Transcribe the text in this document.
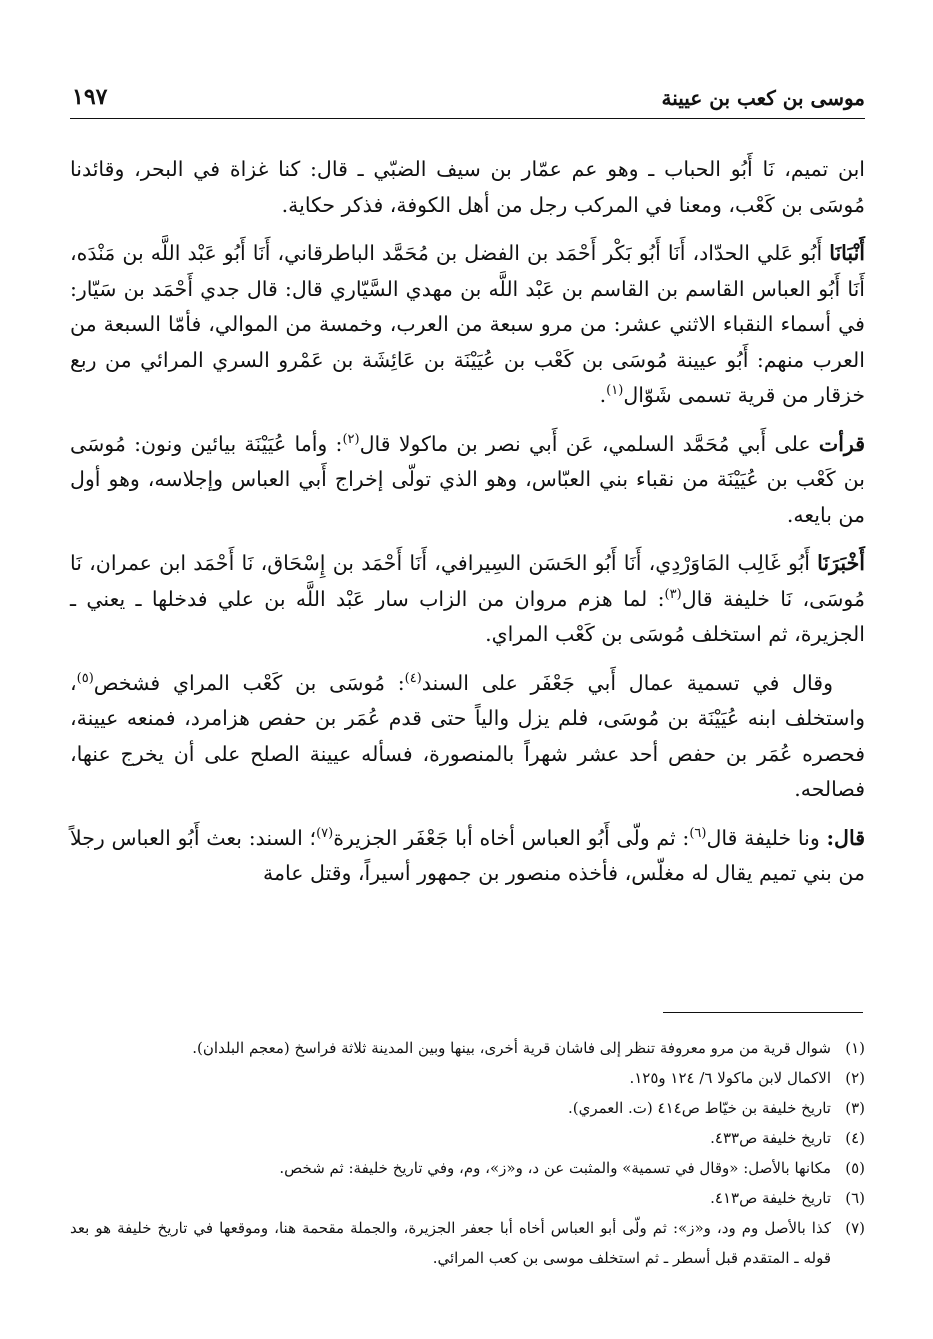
موسى بن كعب بن عيينة
١٩٧

ابن تميم، نَا أَبُو الحباب ـ وهو عم عمّار بن سيف الضبّي ـ قال: كنا غزاة في البحر، وقائدنا مُوسَى بن كَعْب، ومعنا في المركب رجل من أهل الكوفة، فذكر حكاية.

أَنْبَانَا أَبُو عَلي الحدّاد، أَنَا أَبُو بَكْر أَحْمَد بن الفضل بن مُحَمَّد الباطرقاني، أَنَا أَبُو عَبْد اللَّه بن مَنْدَه، أَنَا أَبُو العباس القاسم بن القاسم بن عَبْد اللَّه بن مهدي السَّيّاري قال: قال جدي أَحْمَد بن سَيّار: في أسماء النقباء الاثني عشر: من مرو سبعة من العرب، وخمسة من الموالي، فأمّا السبعة من العرب منهم: أَبُو عيينة مُوسَى بن كَعْب بن عُيَيْنَة بن عَائِشَة بن عَمْرو السري المرائي من ربع خزقار من قرية تسمى شَوّال$^{(١)}$.

قرأت على أَبي مُحَمَّد السلمي، عَن أَبي نصر بن ماكولا قال$^{(٢)}$: وأما عُيَيْنَة بيائين ونون: مُوسَى بن كَعْب بن عُيَيْنَة من نقباء بني العبّاس، وهو الذي تولّى إخراج أَبي العباس وإجلاسه، وهو أول من بايعه.

أَخْبَرَنَا أَبُو غَالِب المَاوَرْدِي، أَنَا أَبُو الحَسَن السِيرافي، أَنَا أَحْمَد بن إِسْحَاق، نَا أَحْمَد ابن عمران، نَا مُوسَى، نَا خليفة قال$^{(٣)}$: لما هزم مروان من الزاب سار عَبْد اللَّه بن علي فدخلها ـ يعني ـ الجزيرة، ثم استخلف مُوسَى بن كَعْب المراي.

وقال في تسمية عمال أَبي جَعْفَر على السند$^{(٤)}$: مُوسَى بن كَعْب المراي فشخص$^{(٥)}$، واستخلف ابنه عُيَيْنَة بن مُوسَى، فلم يزل والياً حتى قدم عُمَر بن حفص هزامرد، فمنعه عيينة، فحصره عُمَر بن حفص أحد عشر شهراً بالمنصورة، فسأله عيينة الصلح على أن يخرج عنها، فصالحه.

قال: ونا خليفة قال$^{(٦)}$: ثم ولّى أَبُو العباس أخاه أبا جَعْفَر الجزيرة$^{(٧)}$؛ السند: بعث أَبُو العباس رجلاً من بني تميم يقال له مغلّس، فأخذه منصور بن جمهور أسيراً، وقتل عامة

(١)
شوال قرية من مرو معروفة تنظر إلى فاشان قرية أخرى، بينها وبين المدينة ثلاثة فراسخ (معجم البلدان).
(٢)
الاكمال لابن ماكولا ٦/ ١٢٤ و١٢٥.
(٣)
تاريخ خليفة بن خيّاط ص٤١٤ (ت. العمري).
(٤)
تاريخ خليفة ص٤٣٣.
(٥)
مكانها بالأصل: «وقال في تسمية» والمثبت عن د، و«ز»، وم، وفي تاريخ خليفة: ثم شخص.
(٦)
تاريخ خليفة ص٤١٣.
(٧)
كذا بالأصل وم ود، و«ز»: ثم ولّى أبو العباس أخاه أبا جعفر الجزيرة، والجملة مقحمة هنا، وموقعها في تاريخ خليفة هو بعد قوله ـ المتقدم قبل أسطر ـ ثم استخلف موسى بن كعب المرائي.
